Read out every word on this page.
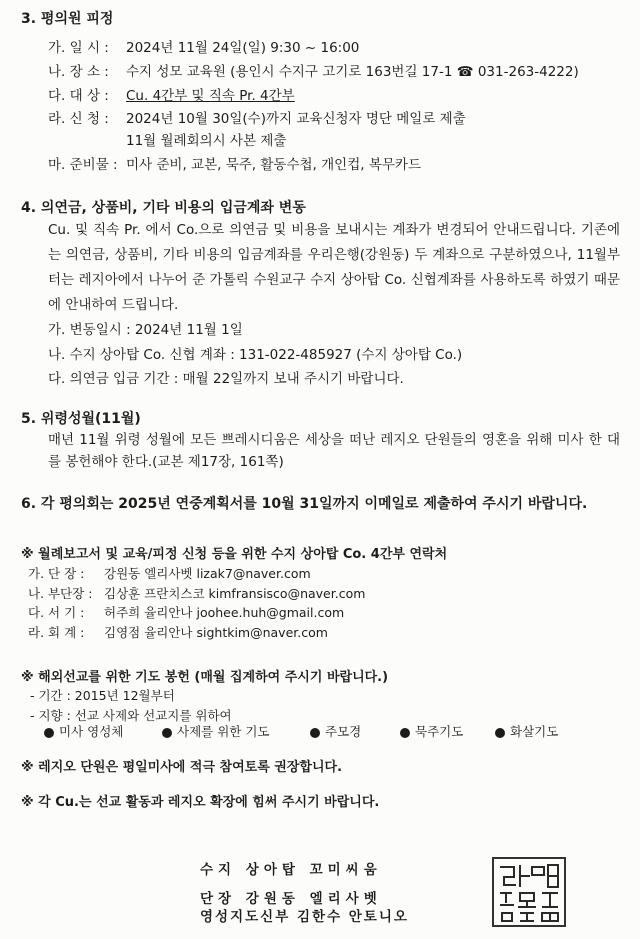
3. 평의원 피정
가. 일 시 : 2024년 11월 24일(일) 9:30 ~ 16:00
나. 장 소 : 수지 성모 교육원 (용인시 수지구 고기로 163번길 17-1 ☎ 031-263-4222)
다. 대 상 : Cu. 4간부 및 직속 Pr. 4간부
라. 신 청 : 2024년 10월 30일(수)까지 교육신청자 명단 메일로 제출
11월 월례회의시 사본 제출
마. 준비물 : 미사 준비, 교본, 묵주, 활동수첩, 개인컵, 복무카드
4. 의연금, 상품비, 기타 비용의 입금계좌 변동
Cu. 및 직속 Pr. 에서 Co.으로 의연금 및 비용을 보내시는 계좌가 변경되어 안내드립니다. 기존에는 의연금, 상품비, 기타 비용의 입금계좌를 우리은행(강원동) 두 계좌으로 구분하였으나, 11월부터는 레지아에서 나누어 준 가톨릭 수원교구 수지 상아탑 Co. 신협계좌를 사용하도록 하였기 때문에 안내하여 드립니다.
가. 변동일시 : 2024년 11월 1일
나. 수지 상아탑 Co. 신협 계좌 : 131-022-485927 (수지 상아탑 Co.)
다. 의연금 입금 기간 : 매월 22일까지 보내 주시기 바랍니다.
5. 위령성월(11월)
매년 11월 위령 성월에 모든 쁘레시디움은 세상을 떠난 레지오 단원들의 영혼을 위해 미사 한 대를 봉헌해야 한다.(교본 제17장, 161쪽)
6. 각 평의회는 2025년 연중계획서를 10월 31일까지 이메일로 제출하여 주시기 바랍니다.
※ 월례보고서 및 교육/피정 신청 등을 위한 수지 상아탑 Co. 4간부 연락처
가. 단 장 : 강원동 엘리사벳 lizak7@naver.com
나. 부단장 : 김상훈 프란치스코 kimfransisco@naver.com
다. 서 기 : 허주희 율리안나 joohee.huh@gmail.com
라. 회 계 : 김영점 율리안나 sightkim@naver.com
※ 해외선교를 위한 기도 봉헌 (매월 집계하여 주시기 바랍니다.)
- 기간 : 2015년 12월부터
- 지향 : 선교 사제와 선교지를 위하여
미사 영성체	사제를 위한 기도	주모경	묵주기도	화살기도
※ 레지오 단원은 평일미사에 적극 참여토록 권장합니다.
※ 각 Cu.는 선교 활동과 레지오 확장에 힘써 주시기 바랍니다.
수지 상아탑 꼬미씨움
단장 강원동 엘리사벳
영성지도신부 김한수 안토니오
